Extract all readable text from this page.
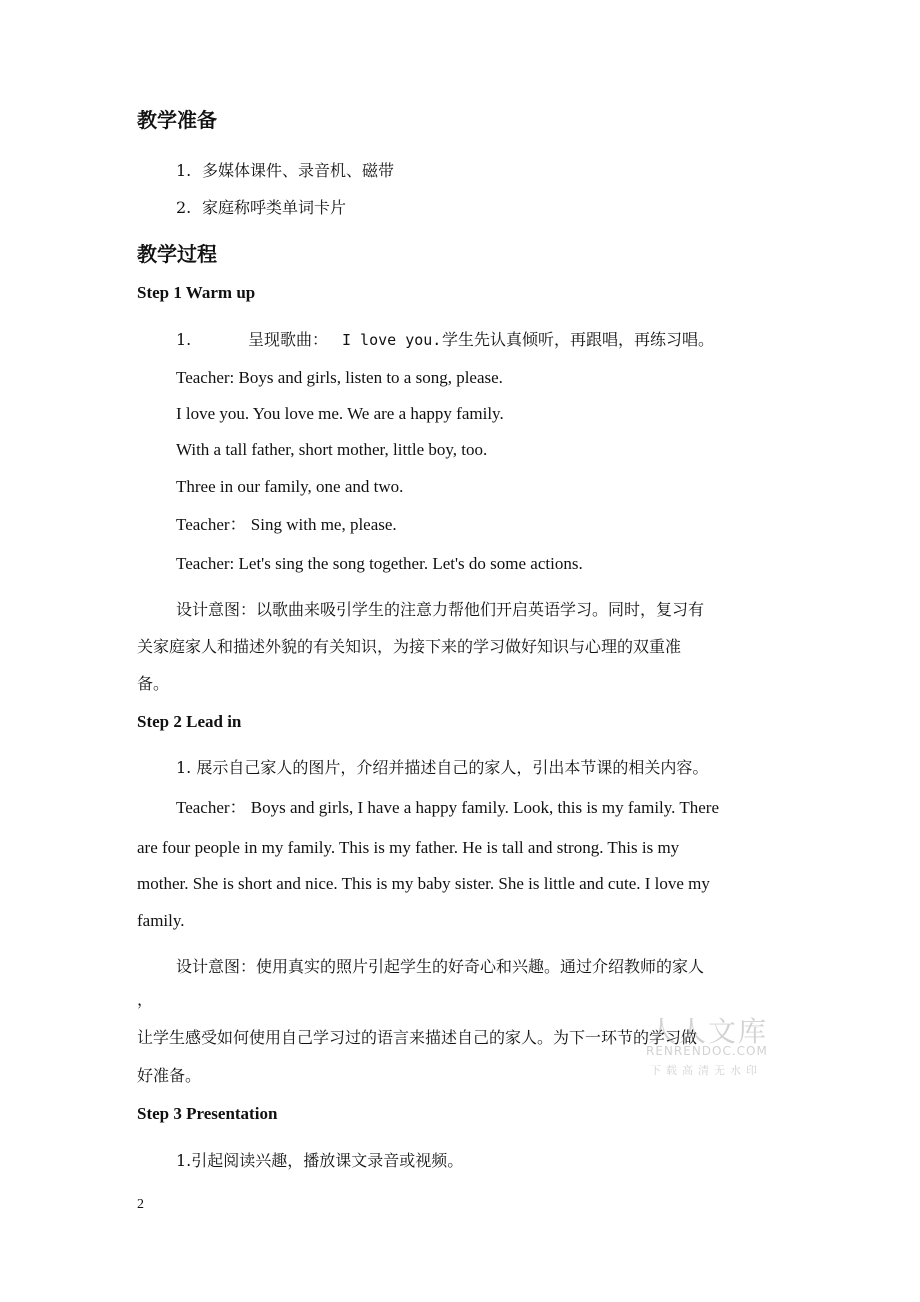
教学准备
1. 多媒体课件、录音机、磁带
2. 家庭称呼类单词卡片
教学过程
Step 1 Warm up
1.	呈现歌曲： I love you. 学生先认真倾听，再跟唱，再练习唱。
Teacher: Boys and girls, listen to a song, please.
I love you. You love me. We are a happy family.
With a tall father, short mother, little boy, too.
Three in our family, one and two.
Teacher： Sing with me, please.
Teacher: Let's sing the song together. Let's do some actions.
设计意图：以歌曲来吸引学生的注意力帮他们开启英语学习。同时，复习有
关家庭家人和描述外貌的有关知识，为接下来的学习做好知识与心理的双重准
备。
Step 2 Lead in
1. 展示自己家人的图片，介绍并描述自己的家人，引出本节课的相关内容。
Teacher： Boys and girls, I have a happy family. Look, this is my family. There
are four people in my family. This is my father. He is tall and strong. This is my
mother. She is short and nice. This is my baby sister. She is little and cute. I love my
family.
设计意图：使用真实的照片引起学生的好奇心和兴趣。通过介绍教师的家人
，
让学生感受如何使用自己学习过的语言来描述自己的家人。为下一环节的学习做
好准备。
Step 3 Presentation
1.引起阅读兴趣，播放课文录音或视频。
2
人人文库
RENRENDOC.COM
下载高清无水印
